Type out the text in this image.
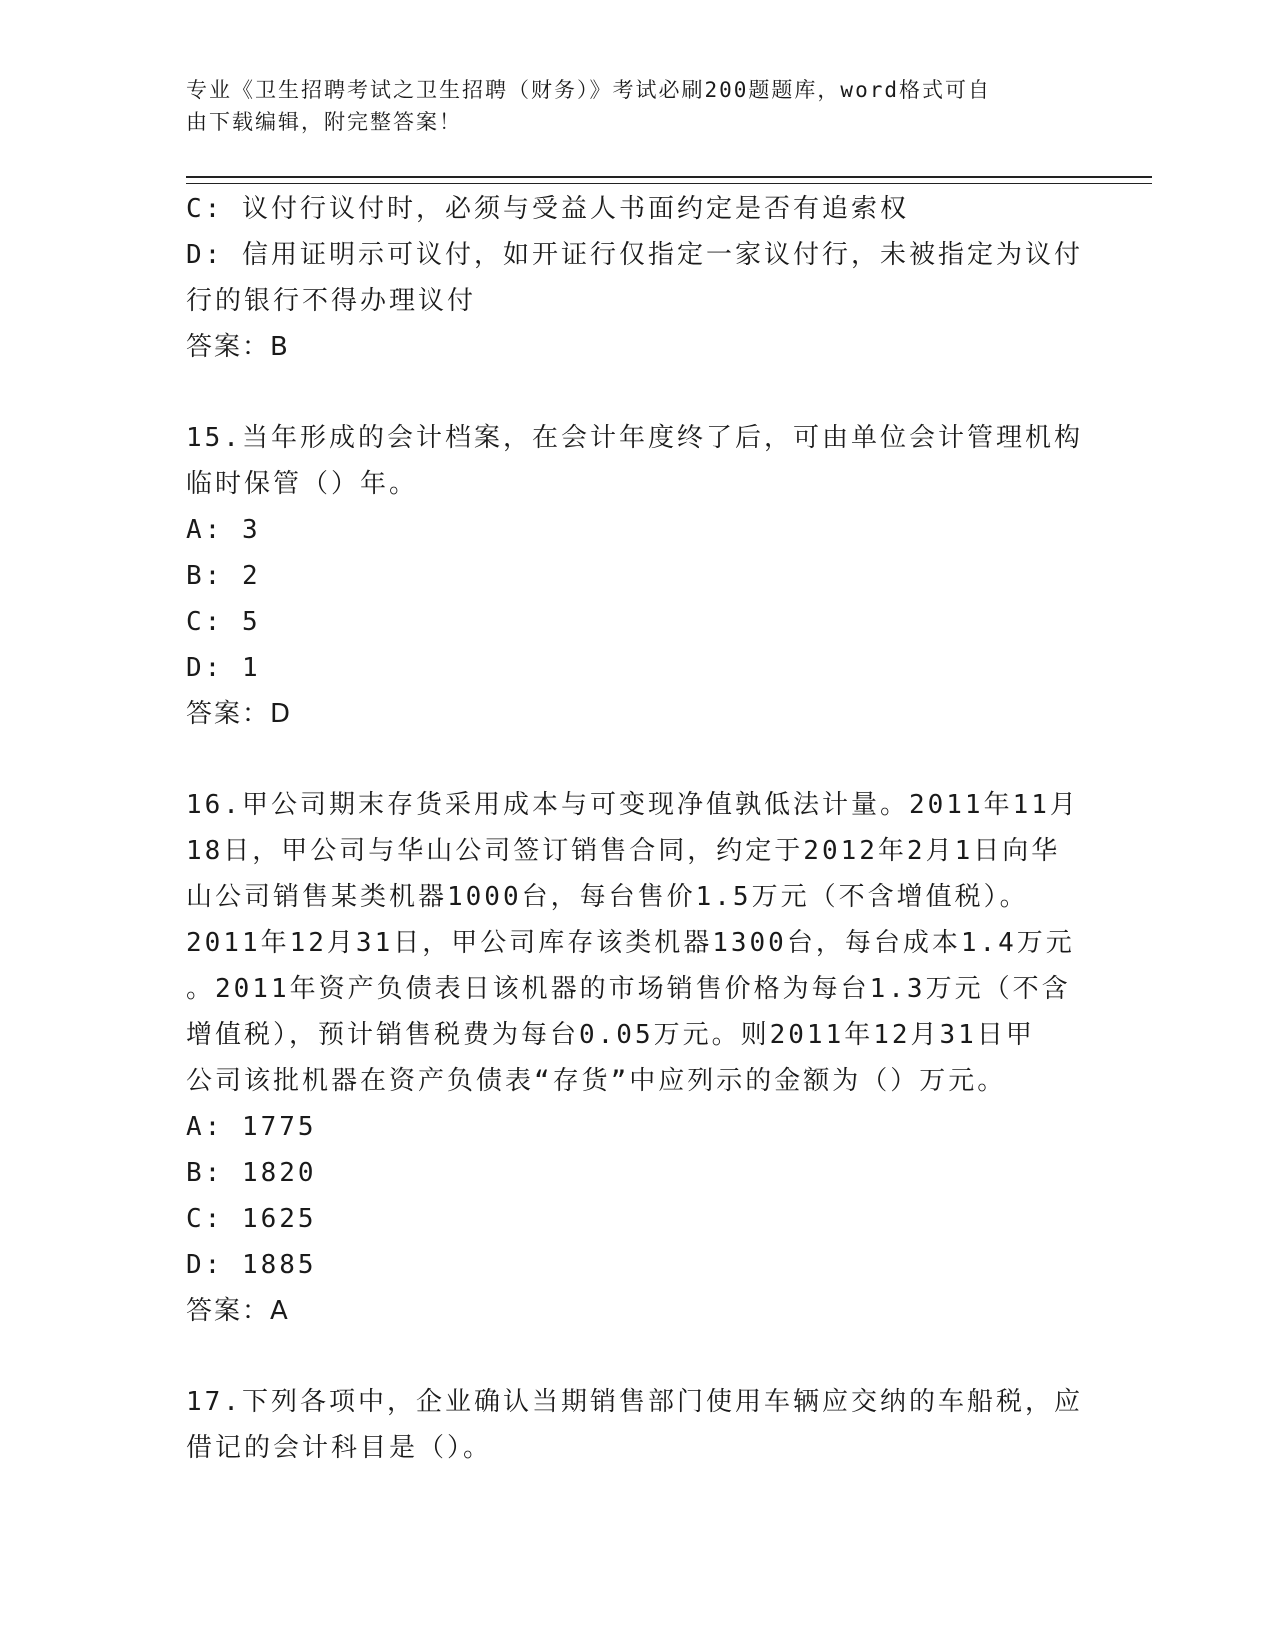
专业《卫生招聘考试之卫生招聘（财务）》考试必刷200题题库，word格式可自
由下载编辑，附完整答案！
C: 议付行议付时，必须与受益人书面约定是否有追索权
D: 信用证明示可议付，如开证行仅指定一家议付行，未被指定为议付
行的银行不得办理议付
答案：B
15.当年形成的会计档案，在会计年度终了后，可由单位会计管理机构
临时保管（）年。
A: 3
B: 2
C: 5
D: 1
答案：D
16.甲公司期末存货采用成本与可变现净值孰低法计量。2011年11月
18日，甲公司与华山公司签订销售合同，约定于2012年2月1日向华
山公司销售某类机器1000台，每台售价1.5万元（不含增值税）。
2011年12月31日，甲公司库存该类机器1300台，每台成本1.4万元
。2011年资产负债表日该机器的市场销售价格为每台1.3万元（不含
增值税），预计销售税费为每台0.05万元。则2011年12月31日甲
公司该批机器在资产负债表“存货”中应列示的金额为（）万元。
A: 1775
B: 1820
C: 1625
D: 1885
答案：A
17.下列各项中，企业确认当期销售部门使用车辆应交纳的车船税，应
借记的会计科目是（）。
